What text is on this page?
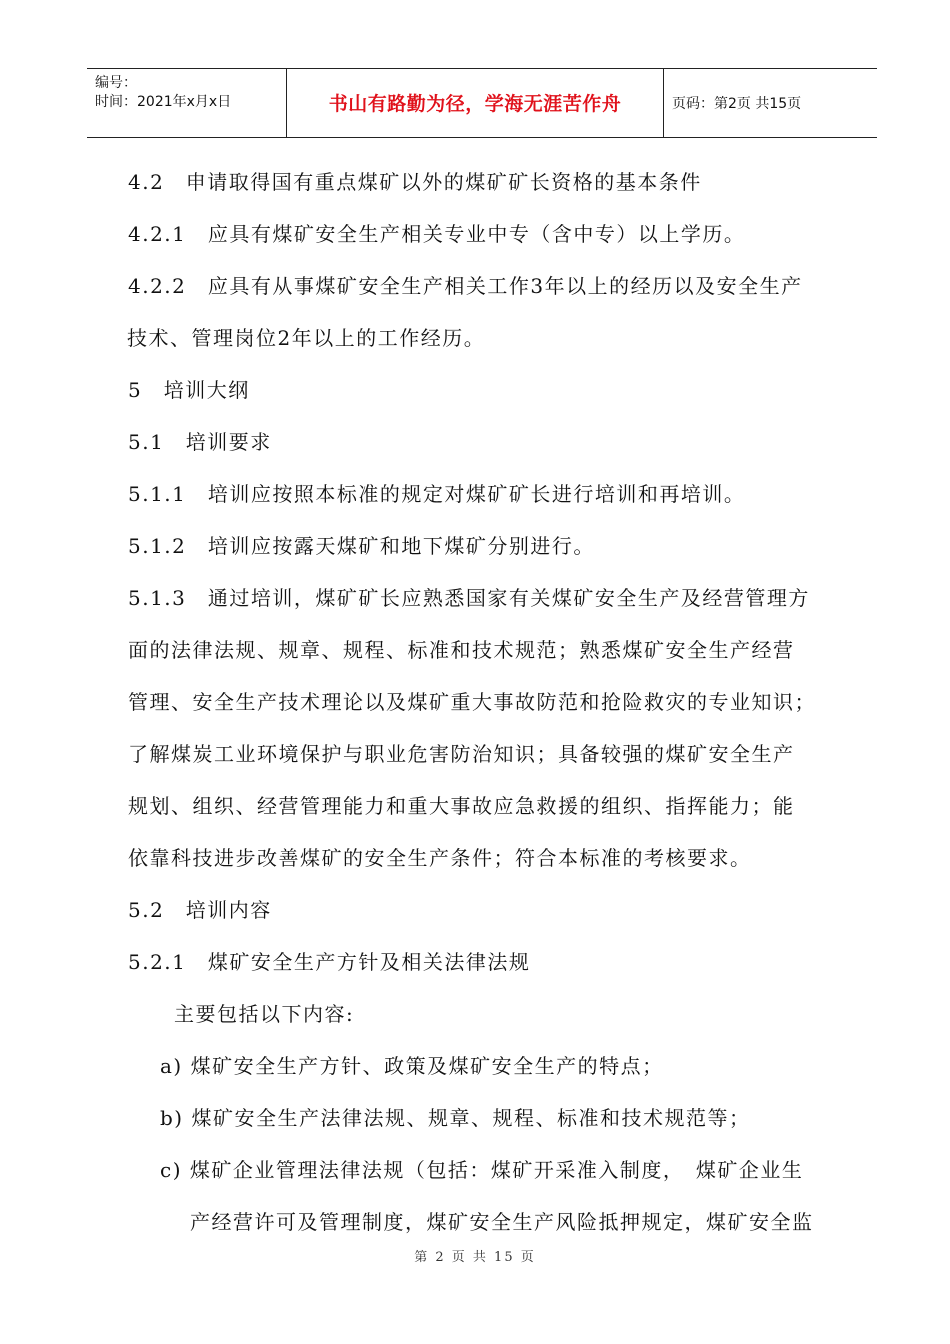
编号：
时间：2021年x月x日	书山有路勤为径，学海无涯苦作舟	页码：第2页 共15页
4.2　申请取得国有重点煤矿以外的煤矿矿长资格的基本条件
4.2.1　应具有煤矿安全生产相关专业中专（含中专）以上学历。
4.2.2　应具有从事煤矿安全生产相关工作3年以上的经历以及安全生产
技术、管理岗位2年以上的工作经历。
5　培训大纲
5.1　培训要求
5.1.1　培训应按照本标准的规定对煤矿矿长进行培训和再培训。
5.1.2　培训应按露天煤矿和地下煤矿分别进行。
5.1.3　通过培训，煤矿矿长应熟悉国家有关煤矿安全生产及经营管理方
面的法律法规、规章、规程、标准和技术规范；熟悉煤矿安全生产经营
管理、安全生产技术理论以及煤矿重大事故防范和抢险救灾的专业知识；
了解煤炭工业环境保护与职业危害防治知识；具备较强的煤矿安全生产
规划、组织、经营管理能力和重大事故应急救援的组织、指挥能力；能
依靠科技进步改善煤矿的安全生产条件；符合本标准的考核要求。
5.2　培训内容
5.2.1　煤矿安全生产方针及相关法律法规
主要包括以下内容:
a) 煤矿安全生产方针、政策及煤矿安全生产的特点；
b) 煤矿安全生产法律法规、规章、规程、标准和技术规范等；
c) 煤矿企业管理法律法规（包括：煤矿开采准入制度，　煤矿企业生
产经营许可及管理制度，煤矿安全生产风险抵押规定，煤矿安全监
第 2 页 共 15 页
